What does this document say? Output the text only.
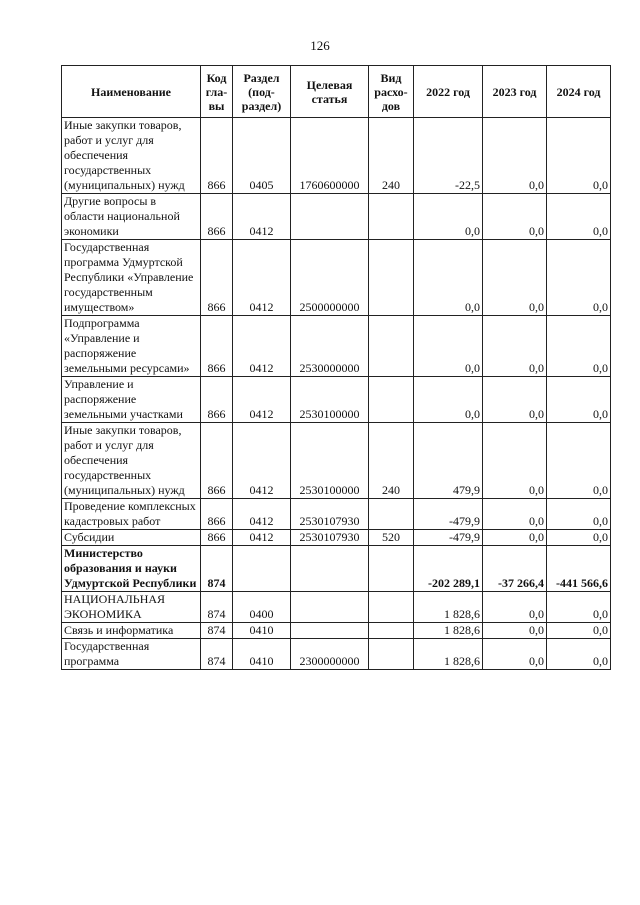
126
Наименование	Код гла-вы	Раздел (под-раздел)	Целевая статья	Вид расхо-дов	2022 год	2023 год	2024 год
Иные закупки товаров, работ и услуг для обеспечения государственных (муниципальных) нужд	866	0405	1760600000	240	-22,5	0,0	0,0
Другие вопросы в области национальной экономики	866	0412			0,0	0,0	0,0
Государственная программа Удмуртской Республики «Управление государственным имуществом»	866	0412	2500000000		0,0	0,0	0,0
Подпрограмма «Управление и распоряжение земельными ресурсами»	866	0412	2530000000		0,0	0,0	0,0
Управление и распоряжение земельными участками	866	0412	2530100000		0,0	0,0	0,0
Иные закупки товаров, работ и услуг для обеспечения государственных (муниципальных) нужд	866	0412	2530100000	240	479,9	0,0	0,0
Проведение комплексных кадастровых работ	866	0412	2530107930		-479,9	0,0	0,0
Субсидии	866	0412	2530107930	520	-479,9	0,0	0,0
Министерство образования и науки Удмуртской Республики	874				-202 289,1	-37 266,4	-441 566,6
НАЦИОНАЛЬНАЯ ЭКОНОМИКА	874	0400			1 828,6	0,0	0,0
Связь и информатика	874	0410			1 828,6	0,0	0,0
Государственная программа	874	0410	2300000000		1 828,6	0,0	0,0
